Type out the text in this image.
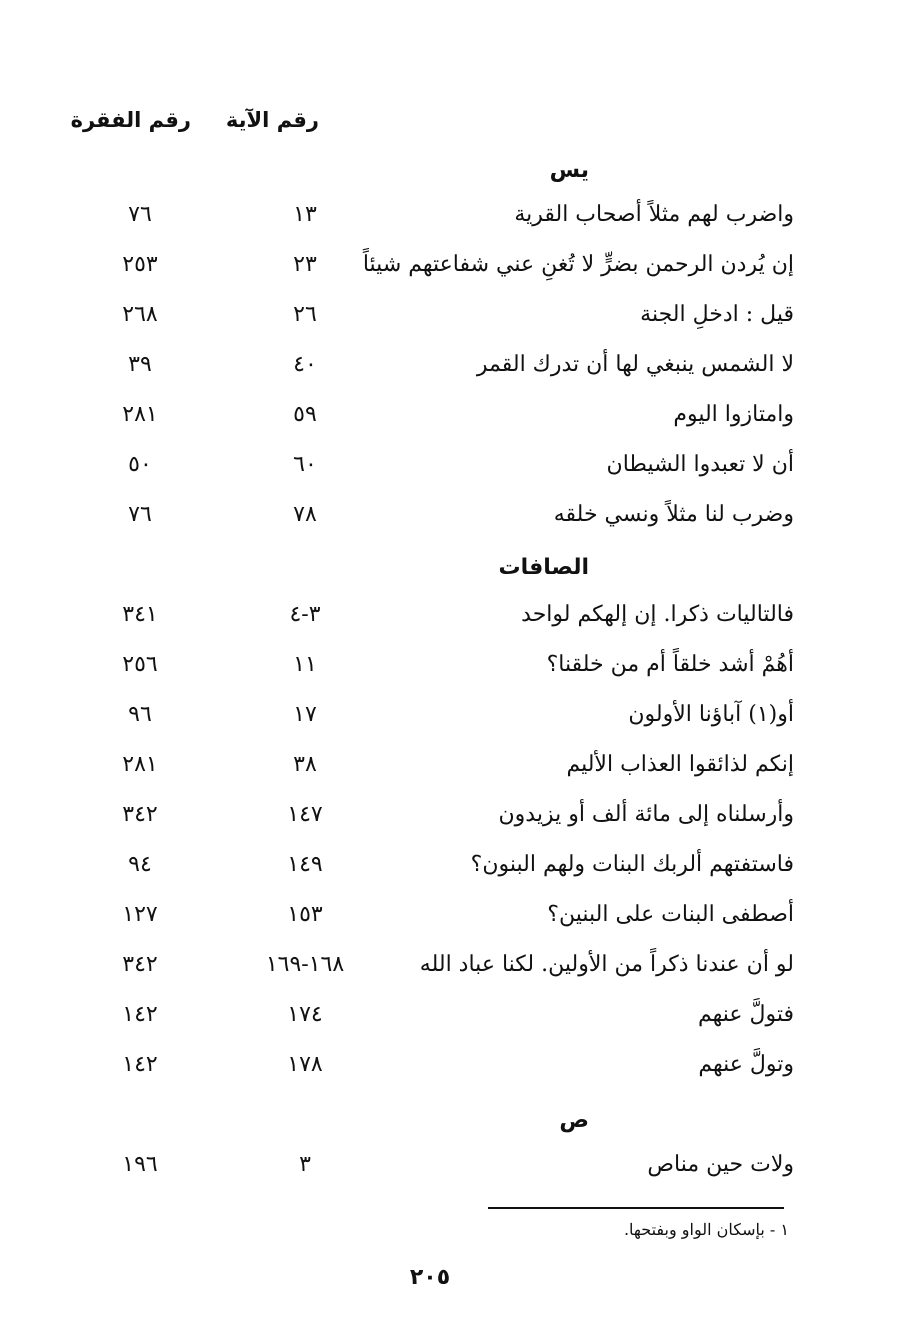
رقم الآية
رقم الفقرة
يس
واضرب لهم مثلاً أصحاب القرية
١٣
٧٦
إن يُردن الرحمن بضرٍّ لا تُغنِ عني شفاعتهم شيئاً
٢٣
٢٥٣
قيل : ادخلِ الجنة
٢٦
٢٦٨
لا الشمس ينبغي لها أن تدرك القمر
٤٠
٣٩
وامتازوا اليوم
٥٩
٢٨١
أن لا تعبدوا الشيطان
٦٠
٥٠
وضرب لنا مثلاً ونسي خلقه
٧٨
٧٦
الصافات
فالتاليات ذكرا. إن إلهكم لواحد
٣-٤
٣٤١
أهُمْ أشد خلقاً أم من خلقنا؟
١١
٢٥٦
أو(١) آباؤنا الأولون
١٧
٩٦
إنكم لذائقوا العذاب الأليم
٣٨
٢٨١
وأرسلناه إلى مائة ألف أو يزيدون
١٤٧
٣٤٢
فاستفتهم ألربك البنات ولهم البنون؟
١٤٩
٩٤
أصطفى البنات على البنين؟
١٥٣
١٢٧
لو أن عندنا ذكراً من الأولين. لكنا عباد الله
١٦٨-١٦٩
٣٤٢
فتولَّ عنهم
١٧٤
١٤٢
وتولَّ عنهم
١٧٨
١٤٢
ص
ولات حين مناص
٣
١٩٦
١ - بإسكان الواو وبفتحها.
٢٠٥
